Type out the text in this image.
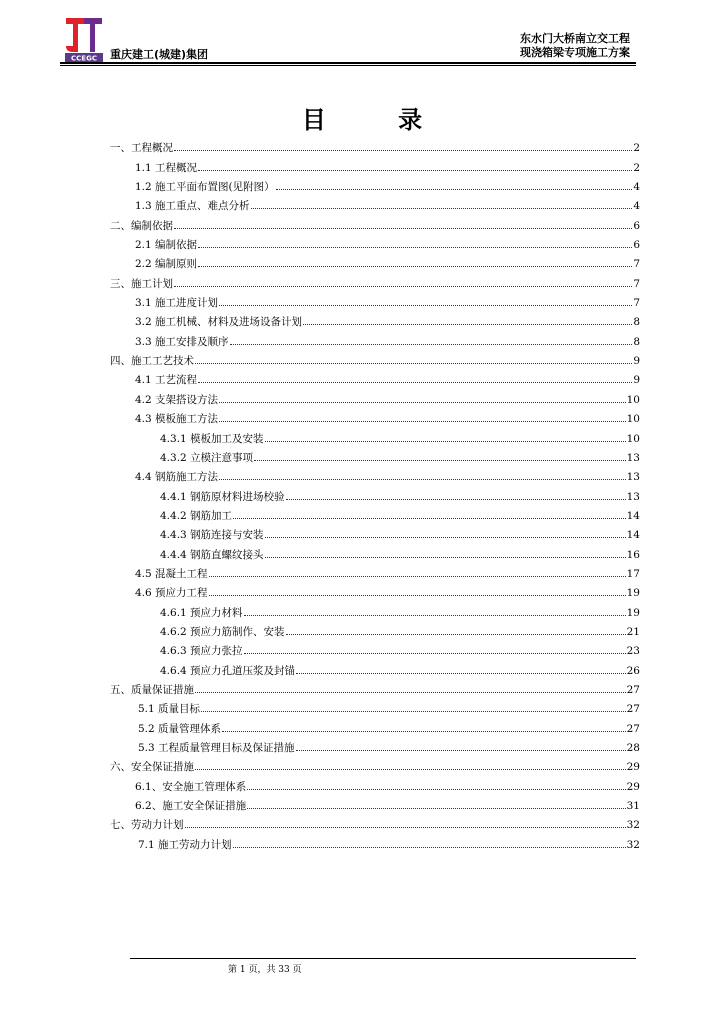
CCEGC 重庆建工(城建)集团
东水门大桥南立交工程
现浇箱梁专项施工方案
目 录
一、工程概况	2
1.1 工程概况	2
1.2 施工平面布置图(见附图）	4
1.3 施工重点、难点分析	4
二、编制依据	6
2.1 编制依据	6
2.2 编制原则	7
三、施工计划	7
3.1 施工进度计划	7
3.2 施工机械、材料及进场设备计划	8
3.3 施工安排及顺序	8
四、施工工艺技术	9
4.1 工艺流程	9
4.2 支架搭设方法	10
4.3 模板施工方法	10
4.3.1 模板加工及安装	10
4.3.2 立模注意事项	13
4.4 钢筋施工方法	13
4.4.1 钢筋原材料进场校验	13
4.4.2 钢筋加工	14
4.4.3 钢筋连接与安装	14
4.4.4 钢筋直螺纹接头	16
4.5 混凝土工程	17
4.6 预应力工程	19
4.6.1 预应力材料	19
4.6.2 预应力筋制作、安装	21
4.6.3 预应力张拉	23
4.6.4 预应力孔道压浆及封锚	26
五、质量保证措施	27
5.1 质量目标	27
5.2 质量管理体系	27
5.3 工程质量管理目标及保证措施	28
六、安全保证措施	29
6.1、安全施工管理体系	29
6.2、施工安全保证措施	31
七、劳动力计划	32
7.1 施工劳动力计划	32
第 1 页，共 33 页
